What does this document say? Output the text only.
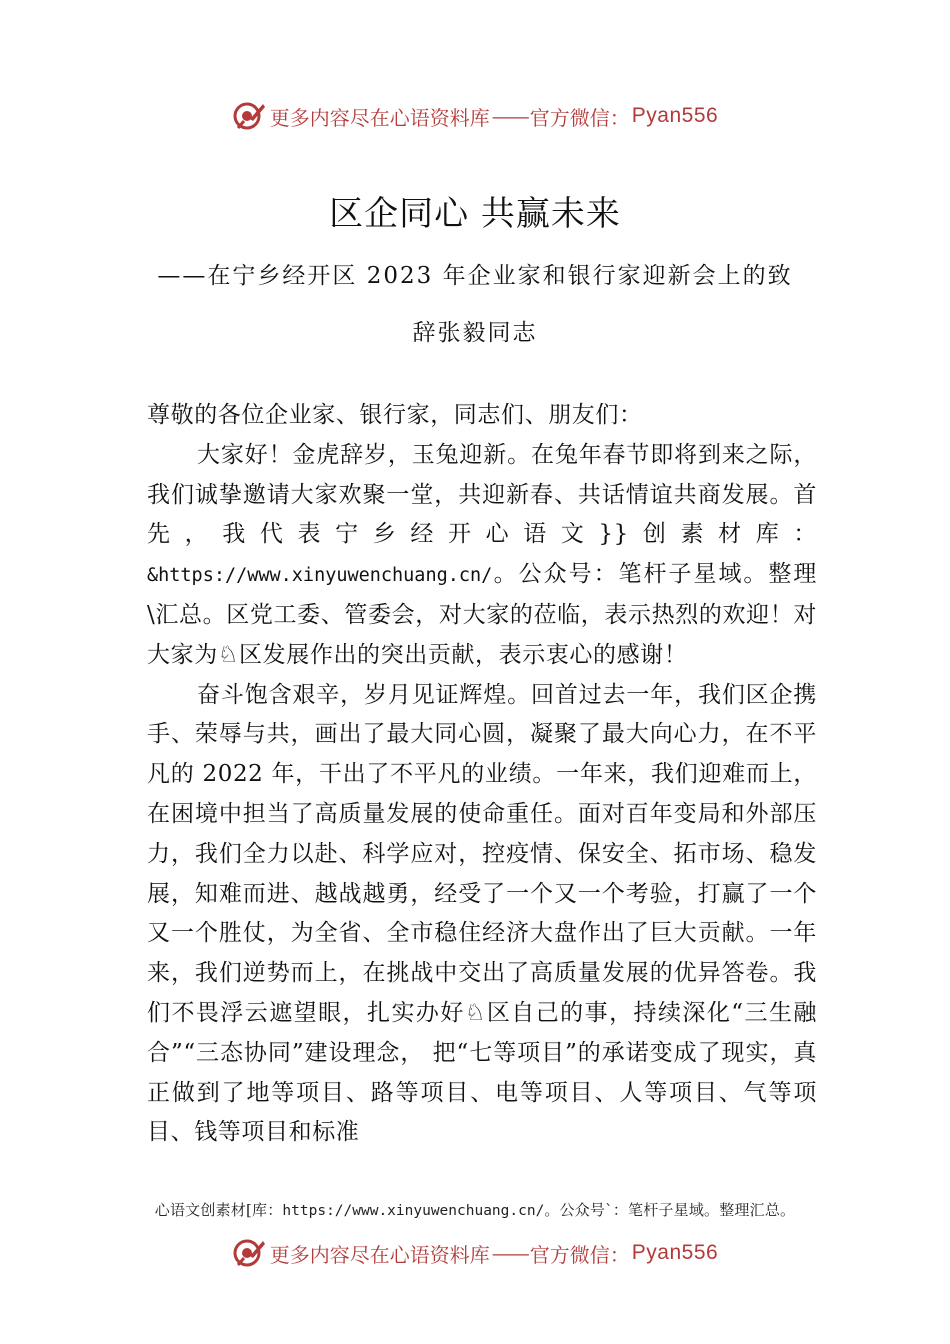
更多内容尽在心语资料库 —— 官方微信： Pyan556
区企同心 共赢未来
——在宁乡经开区 2023 年企业家和银行家迎新会上的致
辞张毅同志

尊敬的各位企业家、银行家，同志们、朋友们：

大家好！金虎辞岁，玉兔迎新。在兔年春节即将到来之际，我们诚挚邀请大家欢聚一堂，共迎新春、共话情谊共商发展。首先，我代表宁乡经开心语文}}创素材库：&https://www.xinyuwenchuang.cn/。公众号：笔杆子星域。整理\汇总。区党工委、管委会，对大家的莅临，表示热烈的欢迎！对大家为♘区发展作出的突出贡献，表示衷心的感谢！

奋斗饱含艰辛，岁月见证辉煌。回首过去一年，我们区企携手、荣辱与共，画出了最大同心圆，凝聚了最大向心力，在不平凡的 2022 年，干出了不平凡的业绩。一年来，我们迎难而上，在困境中担当了高质量发展的使命重任。面对百年变局和外部压力，我们全力以赴、科学应对，控疫情、保安全、拓市场、稳发展，知难而进、越战越勇，经受了一个又一个考验，打赢了一个又一个胜仗，为全省、全市稳住经济大盘作出了巨大贡献。一年来，我们逆势而上，在挑战中交出了高质量发展的优异答卷。我们不畏浮云遮望眼，扎实办好♘区自己的事，持续深化“三生融合”“三态协同”建设理念， 把“七等项目”的承诺变成了现实，真正做到了地等项目、路等项目、电等项目、人等项目、气等项目、钱等项目和标准

心语文创素材[库：https://www.xinyuwenchuang.cn/。公众号`：笔杆子星域。整理汇总。
更多内容尽在心语资料库 —— 官方微信： Pyan556
